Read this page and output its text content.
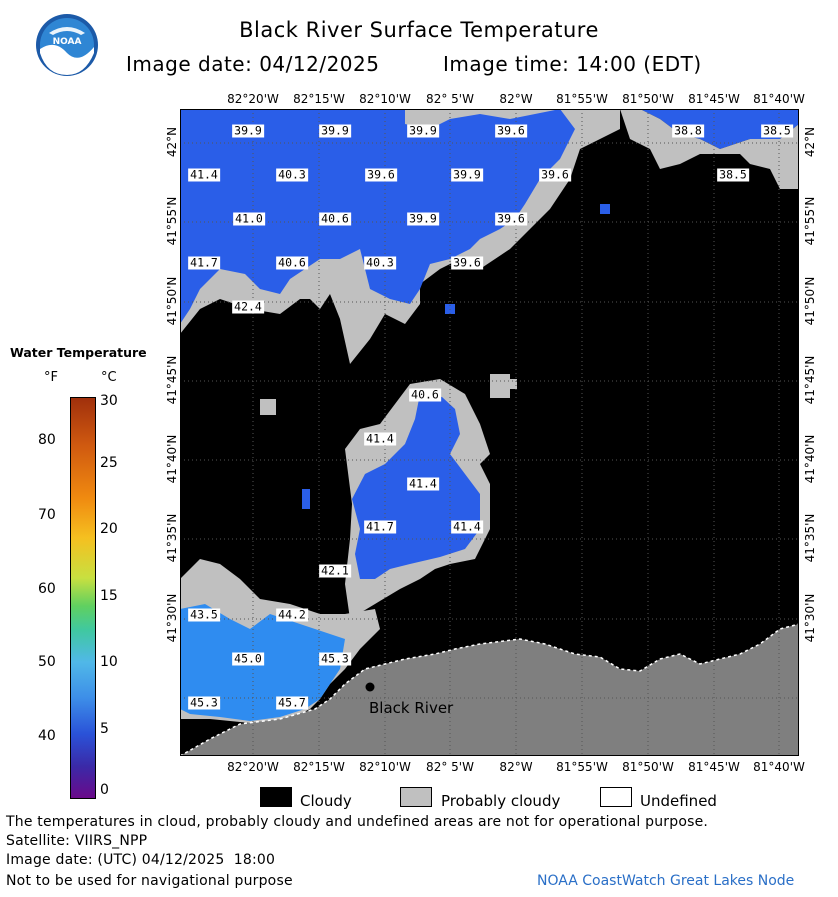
NOAA	Black River Surface Temperature
Image date: 04/12/2025	Image time: 14:00 (EDT)
82°20'W 82°15'W 82°10'W 82° 5'W 82°W 81°55'W 81°50'W 81°45'W 81°40'W
82°20'W 82°15'W 82°10'W 82° 5'W 82°W 81°55'W 81°50'W 81°45'W 81°40'W
42°N
41°55'N
41°50'N
41°45'N
41°40'N
41°35'N
41°30'N
42°N
41°55'N
41°50'N
41°45'N
41°40'N
41°35'N
41°30'N
Black River
39.9	39.9	39.9	39.6	38.8	38.5
41.4	40.3	39.6	39.9	39.6	38.5
41.0	40.6	39.9	39.6
41.7	40.6	40.3	39.6
42.4
40.6
41.4
41.4
41.7	41.4
42.1
43.5	44.2
45.0	45.3
45.3	45.7
Water Temperature
°F	°C
80
70
60
50
40
30
25
20
15
10
5
0
Cloudy	Probably cloudy	Undefined
The temperatures in cloud, probably cloudy and undefined areas are not for operational purpose.
Satellite: VIIRS_NPP
Image date: (UTC) 04/12/2025  18:00
Not to be used for navigational purpose	NOAA CoastWatch Great Lakes Node
